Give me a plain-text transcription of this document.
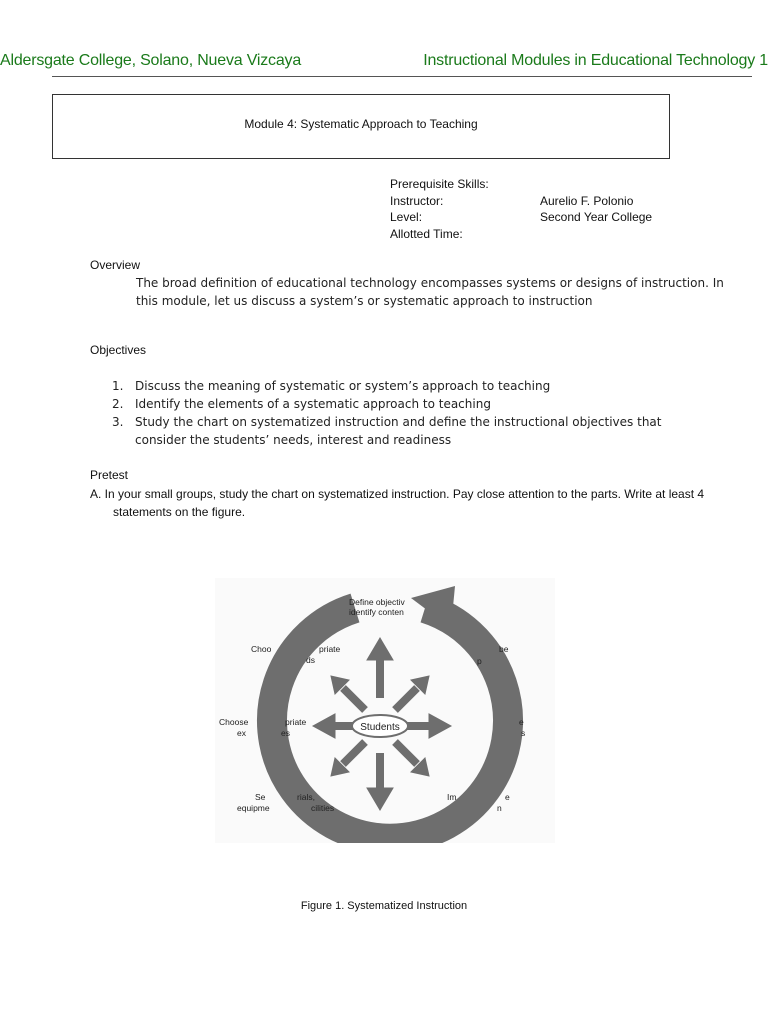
Aldersgate College, Solano, Nueva Vizcaya	Instructional Modules in Educational Technology 1
Module 4: Systematic Approach to Teaching
Prerequisite Skills:
Instructor:	Aurelio F. Polonio
Level:	Second Year College
Allotted Time:
Overview
The broad definition of educational technology encompasses systems or designs of instruction. In
this module, let us discuss a system’s or systematic approach to instruction
Objectives
1. Discuss the meaning of systematic or system’s approach to teaching
2. Identify the elements of a systematic approach to teaching
3. Study the chart on systematized instruction and define the instructional objectives that consider the students’ needs, interest and readiness
Pretest
A. In your small groups, study the chart on systematized instruction. Pay close attention to the parts. Write at least 4
statements on the figure.
Students
Define objectiv
identify conten
Choo	priate
ds
be
p
Choose	priate
ex	es
e
s
Se	rials,
equipme	cilities
Im	e
n
Figure 1. Systematized Instruction
